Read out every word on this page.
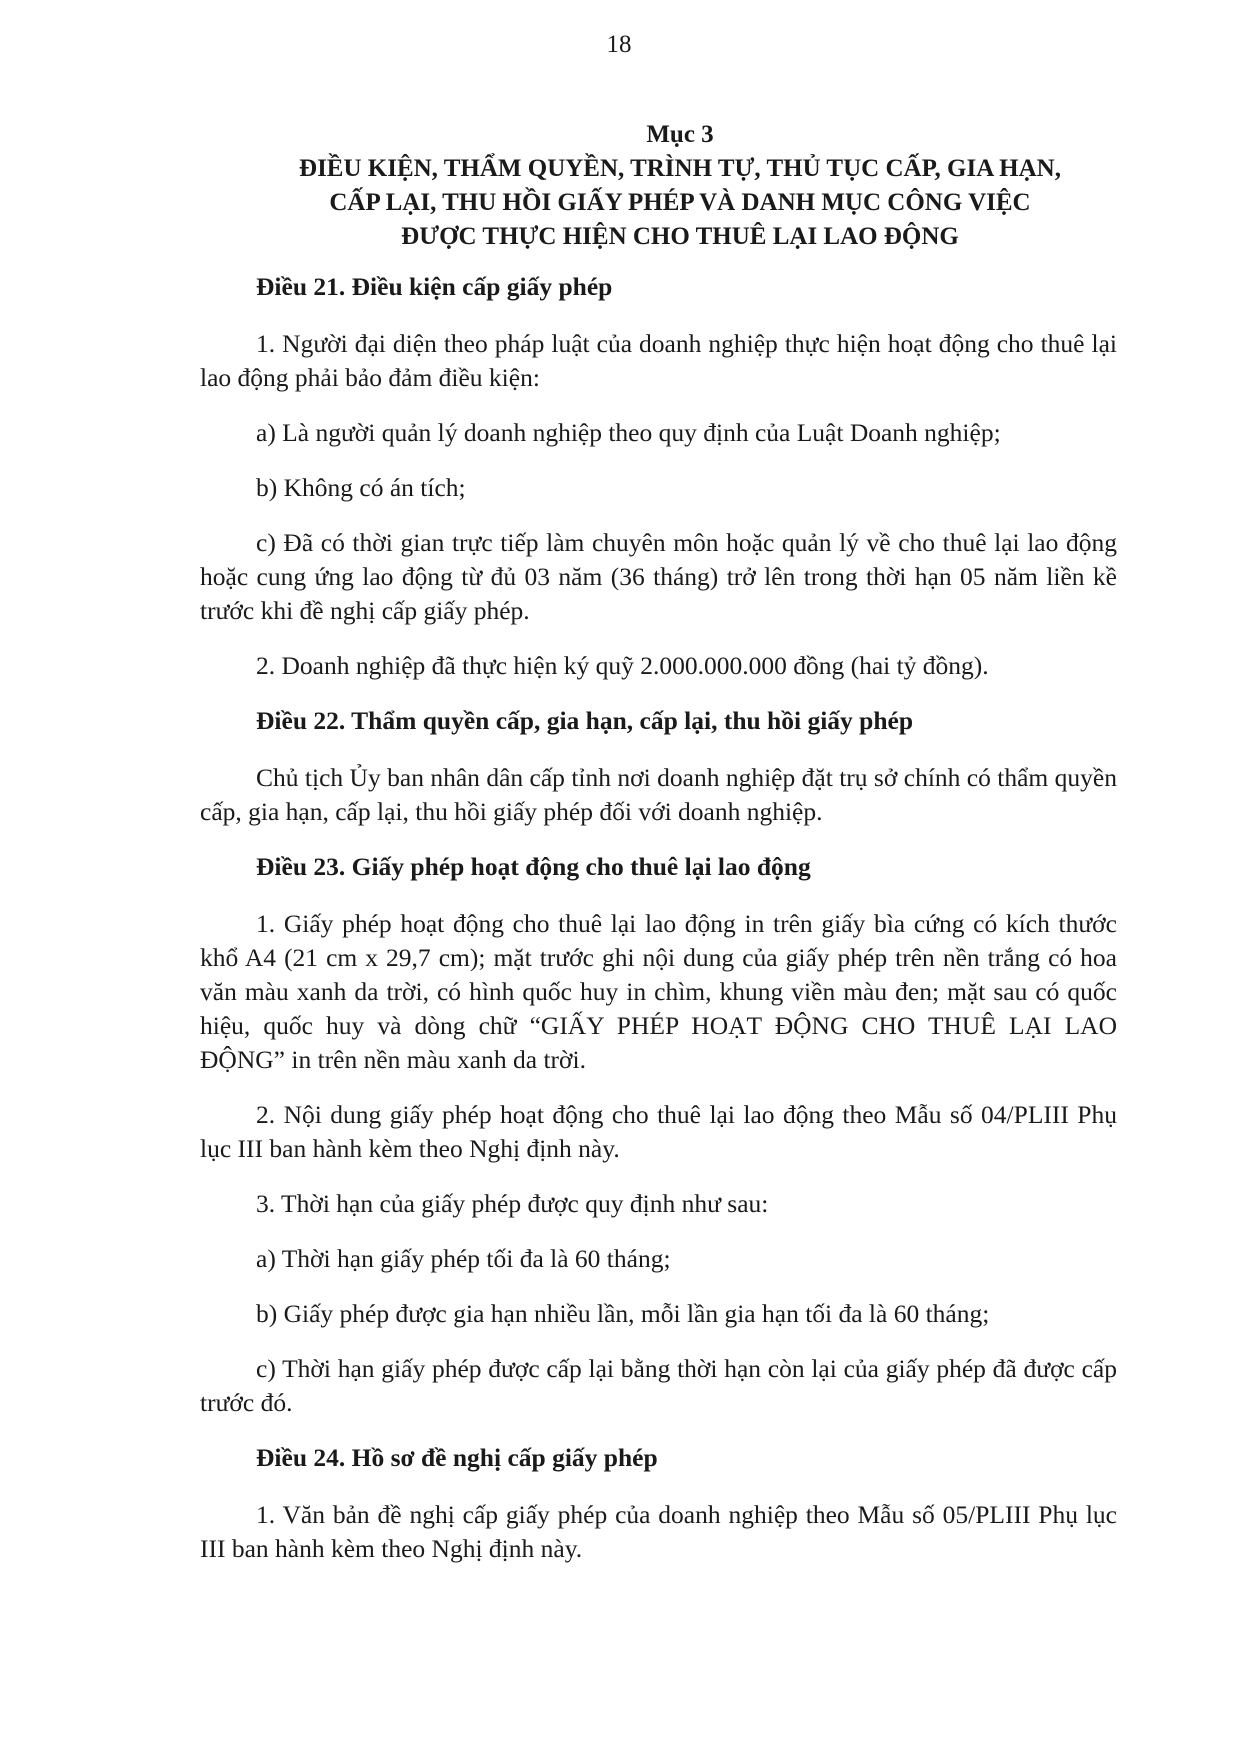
18
Mục 3
ĐIỀU KIỆN, THẨM QUYỀN, TRÌNH TỰ, THỦ TỤC CẤP, GIA HẠN,
CẤP LẠI, THU HỒI GIẤY PHÉP VÀ DANH MỤC CÔNG VIỆC
ĐƯỢC THỰC HIỆN CHO THUÊ LẠI LAO ĐỘNG
Điều 21. Điều kiện cấp giấy phép

1. Người đại diện theo pháp luật của doanh nghiệp thực hiện hoạt động cho thuê lại lao động phải bảo đảm điều kiện:

a) Là người quản lý doanh nghiệp theo quy định của Luật Doanh nghiệp;

b) Không có án tích;

c) Đã có thời gian trực tiếp làm chuyên môn hoặc quản lý về cho thuê lại lao động hoặc cung ứng lao động từ đủ 03 năm (36 tháng) trở lên trong thời hạn 05 năm liền kề trước khi đề nghị cấp giấy phép.

2. Doanh nghiệp đã thực hiện ký quỹ 2.000.000.000 đồng (hai tỷ đồng).

Điều 22. Thẩm quyền cấp, gia hạn, cấp lại, thu hồi giấy phép

Chủ tịch Ủy ban nhân dân cấp tỉnh nơi doanh nghiệp đặt trụ sở chính có thẩm quyền cấp, gia hạn, cấp lại, thu hồi giấy phép đối với doanh nghiệp.

Điều 23. Giấy phép hoạt động cho thuê lại lao động

1. Giấy phép hoạt động cho thuê lại lao động in trên giấy bìa cứng có kích thước khổ A4 (21 cm x 29,7 cm); mặt trước ghi nội dung của giấy phép trên nền trắng có hoa văn màu xanh da trời, có hình quốc huy in chìm, khung viền màu đen; mặt sau có quốc hiệu, quốc huy và dòng chữ “GIẤY PHÉP HOẠT ĐỘNG CHO THUÊ LẠI LAO ĐỘNG” in trên nền màu xanh da trời.

2. Nội dung giấy phép hoạt động cho thuê lại lao động theo Mẫu số 04/PLIII Phụ lục III ban hành kèm theo Nghị định này.

3. Thời hạn của giấy phép được quy định như sau:

a) Thời hạn giấy phép tối đa là 60 tháng;

b) Giấy phép được gia hạn nhiều lần, mỗi lần gia hạn tối đa là 60 tháng;

c) Thời hạn giấy phép được cấp lại bằng thời hạn còn lại của giấy phép đã được cấp trước đó.

Điều 24. Hồ sơ đề nghị cấp giấy phép

1. Văn bản đề nghị cấp giấy phép của doanh nghiệp theo Mẫu số 05/PLIII Phụ lục III ban hành kèm theo Nghị định này.
